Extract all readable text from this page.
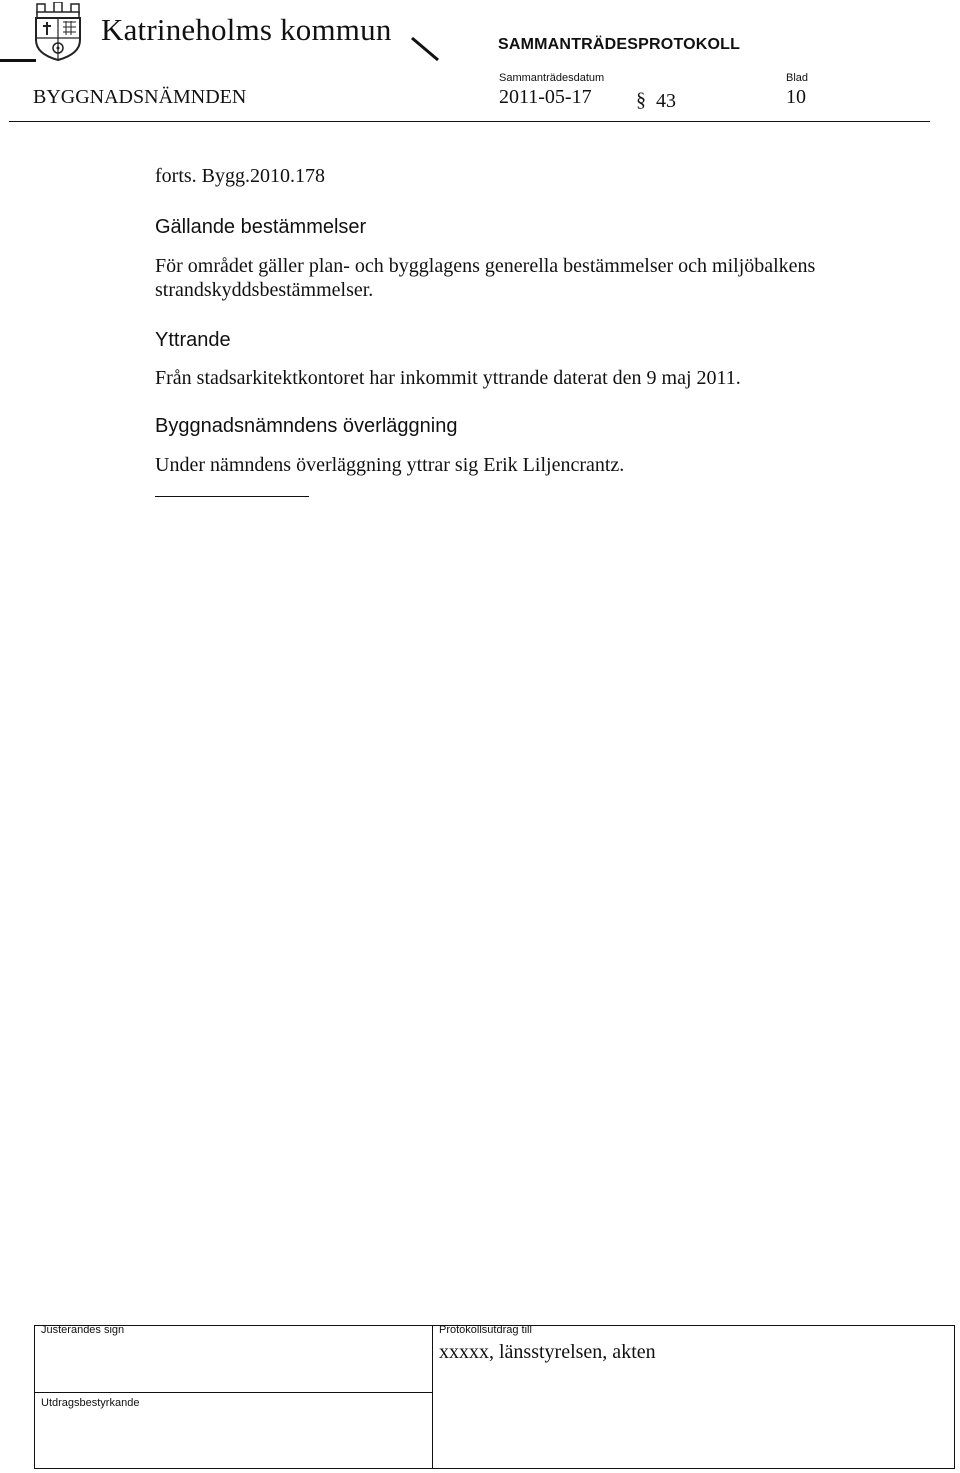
Katrineholms kommun	SAMMANTRÄDESPROTOKOLL
Sammanträdesdatum	Blad
BYGGNADSNÄMNDEN	2011-05-17 § 43	10
forts. Bygg.2010.178
Gällande bestämmelser
För området gäller plan- och bygglagens generella bestämmelser och miljöbalkens strandskyddsbestämmelser.
Yttrande
Från stadsarkitektkontoret har inkommit yttrande daterat den 9 maj 2011.
Byggnadsnämndens överläggning
Under nämndens överläggning yttrar sig Erik Liljencrantz.
Justerandes sign	Protokollsutdrag till
xxxxx, länsstyrelsen, akten
Utdragsbestyrkande
